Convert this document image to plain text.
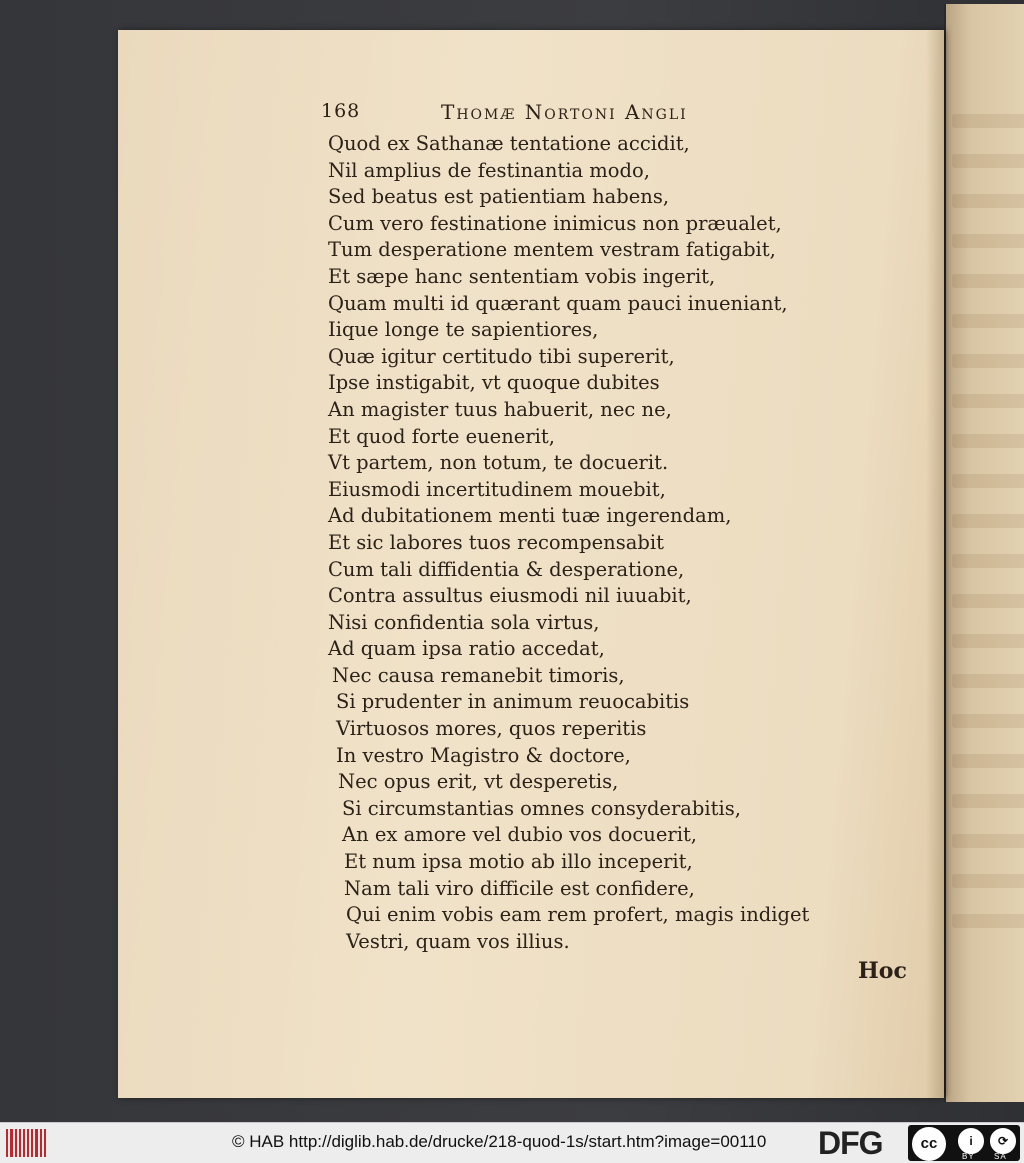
168	Thomæ Nortoni Angli
Quod ex Sathanæ tentatione accidit,
Nil amplius de festinantia modo,
Sed beatus est patientiam habens,
Cum vero festinatione inimicus non præualet,
Tum desperatione mentem vestram fatigabit,
Et sæpe hanc sententiam vobis ingerit,
Quam multi id quærant quam pauci inueniant,
Iique longe te sapientiores,
Quæ igitur certitudo tibi supererit,
Ipse instigabit, vt quoque dubites
An magister tuus habuerit, nec ne,
Et quod forte euenerit,
Vt partem, non totum, te docuerit.
Eiusmodi incertitudinem mouebit,
Ad dubitationem menti tuæ ingerendam,
Et sic labores tuos recompensabit
Cum tali diffidentia & desperatione,
Contra assultus eiusmodi nil iuuabit,
Nisi confidentia sola virtus,
Ad quam ipsa ratio accedat,
Nec causa remanebit timoris,
Si prudenter in animum reuocabitis
Virtuosos mores, quos reperitis
In vestro Magistro & doctore,
Nec opus erit, vt desperetis,
Si circumstantias omnes consyderabitis,
An ex amore vel dubio vos docuerit,
Et num ipsa motio ab illo inceperit,
Nam tali viro difficile est confidere,
Qui enim vobis eam rem profert, magis indiget
Vestri, quam vos illius.
Hoc
© HAB http://diglib.hab.de/drucke/218-quod-1s/start.htm?image=00110 DFG	cc	i	⟳
BY SA
